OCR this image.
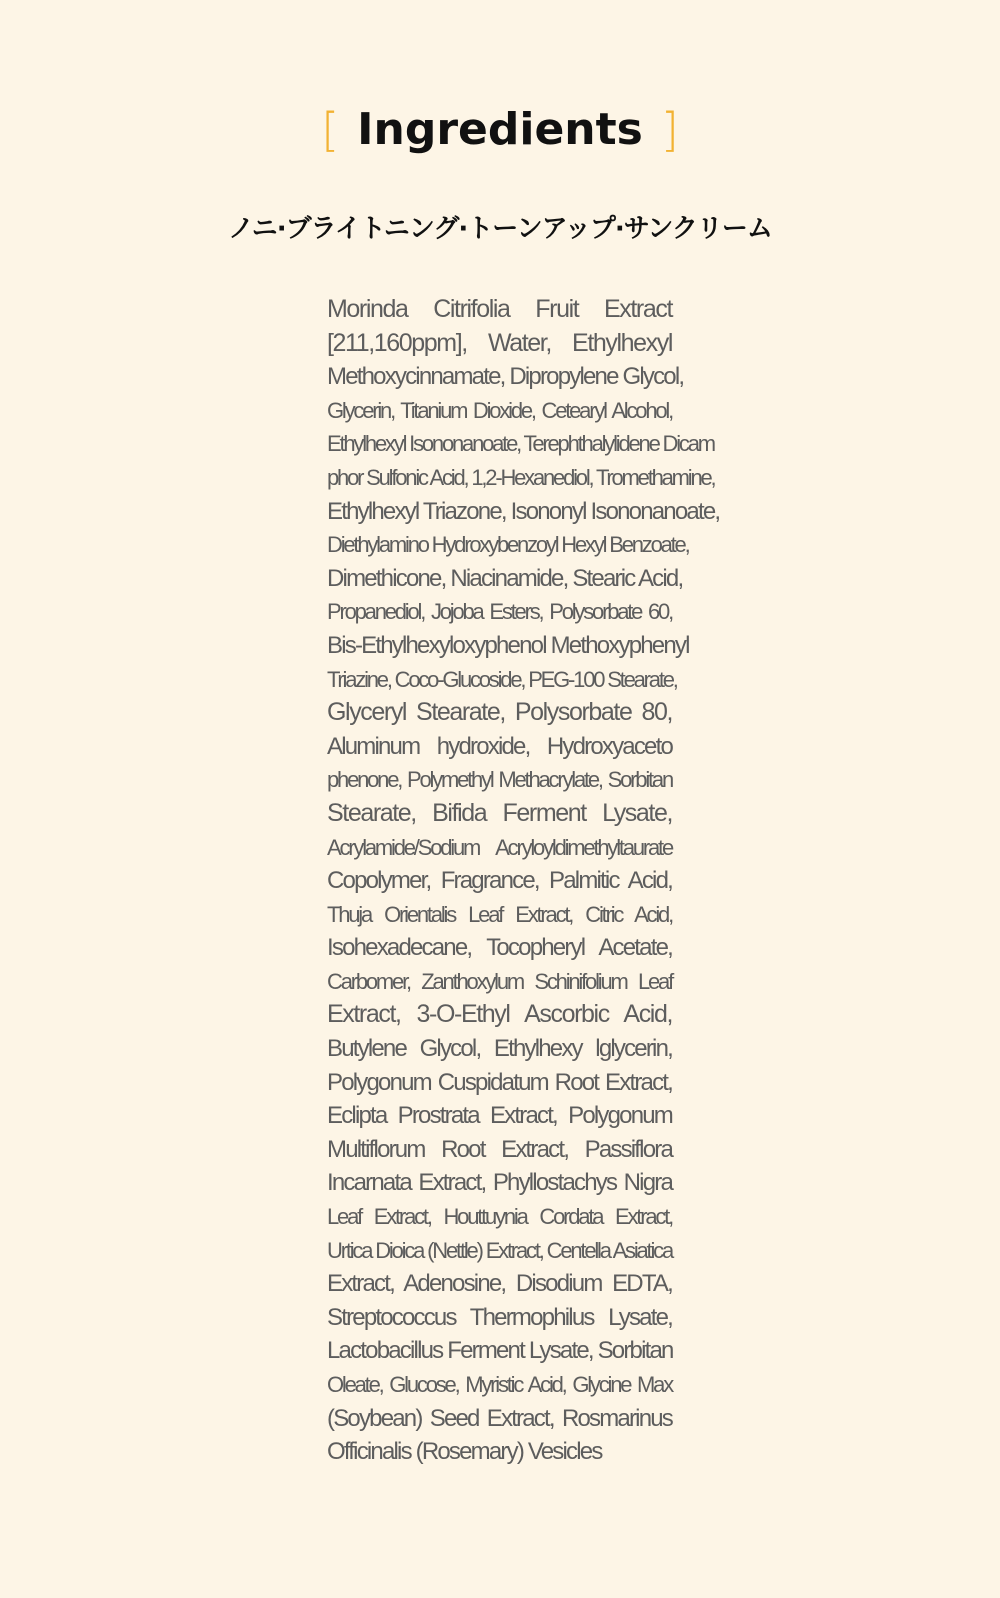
[ Ingredients ]
ノニ·ブライトニング·トーンアップ·サンクリーム
Morinda Citrifolia Fruit Extract
[211,160ppm], Water, Ethylhexyl
Methoxycinnamate, Dipropylene Glycol,
Glycerin, Titanium Dioxide, Cetearyl Alcohol,
Ethylhexyl Isononanoate, Terephthalylidene Dicam
phor Sulfonic Acid, 1,2-Hexanediol, Tromethamine,
Ethylhexyl Triazone, Isononyl Isononanoate,
Diethylamino Hydroxybenzoyl Hexyl Benzoate,
Dimethicone, Niacinamide, Stearic Acid,
Propanediol, Jojoba Esters, Polysorbate 60,
Bis-Ethylhexyloxyphenol Methoxyphenyl
Triazine, Coco-Glucoside, PEG-100 Stearate,
Glyceryl Stearate, Polysorbate 80,
Aluminum hydroxide, Hydroxyaceto
phenone, Polymethyl Methacrylate, Sorbitan
Stearate, Bifida Ferment Lysate,
Acrylamide/Sodium Acryloyldimethyltaurate
Copolymer, Fragrance, Palmitic Acid,
Thuja Orientalis Leaf Extract, Citric Acid,
Isohexadecane, Tocopheryl Acetate,
Carbomer, Zanthoxylum Schinifolium Leaf
Extract, 3-O-Ethyl Ascorbic Acid,
Butylene Glycol, Ethylhexy lglycerin,
Polygonum Cuspidatum Root Extract,
Eclipta Prostrata Extract, Polygonum
Multiflorum Root Extract, Passiflora
Incarnata Extract, Phyllostachys Nigra
Leaf Extract, Houttuynia Cordata Extract,
Urtica Dioica (Nettle) Extract, Centella Asiatica
Extract, Adenosine, Disodium EDTA,
Streptococcus Thermophilus Lysate,
Lactobacillus Ferment Lysate, Sorbitan
Oleate, Glucose, Myristic Acid, Glycine Max
(Soybean) Seed Extract, Rosmarinus
Officinalis (Rosemary) Vesicles
